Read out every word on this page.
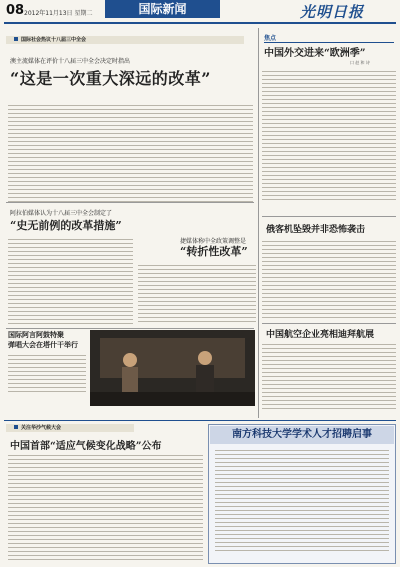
08 2012年11月13日 星期二	国际新闻	光明日报
国际社会热议十八届三中全会
澳主流媒体在评价十八届三中全会决定时指出
“这是一次重大深远的改革”
阿拉伯媒体认为十八届三中全会制定了
“史无前例的改革措施”
捷媒体称中全政策调整是
“转折性改革”
国际阿言阿鼓特聚
弹唱大会在塔什干举行
焦点
中国外交进来“欧洲季”
口 赵 和 诗
俄客机坠毁并非恐怖袭击
中国航空企业亮相迪拜航展
关注华沙气候大会
中国首部“适应气候变化战略”公布
南方科技大学学术人才招聘启事
